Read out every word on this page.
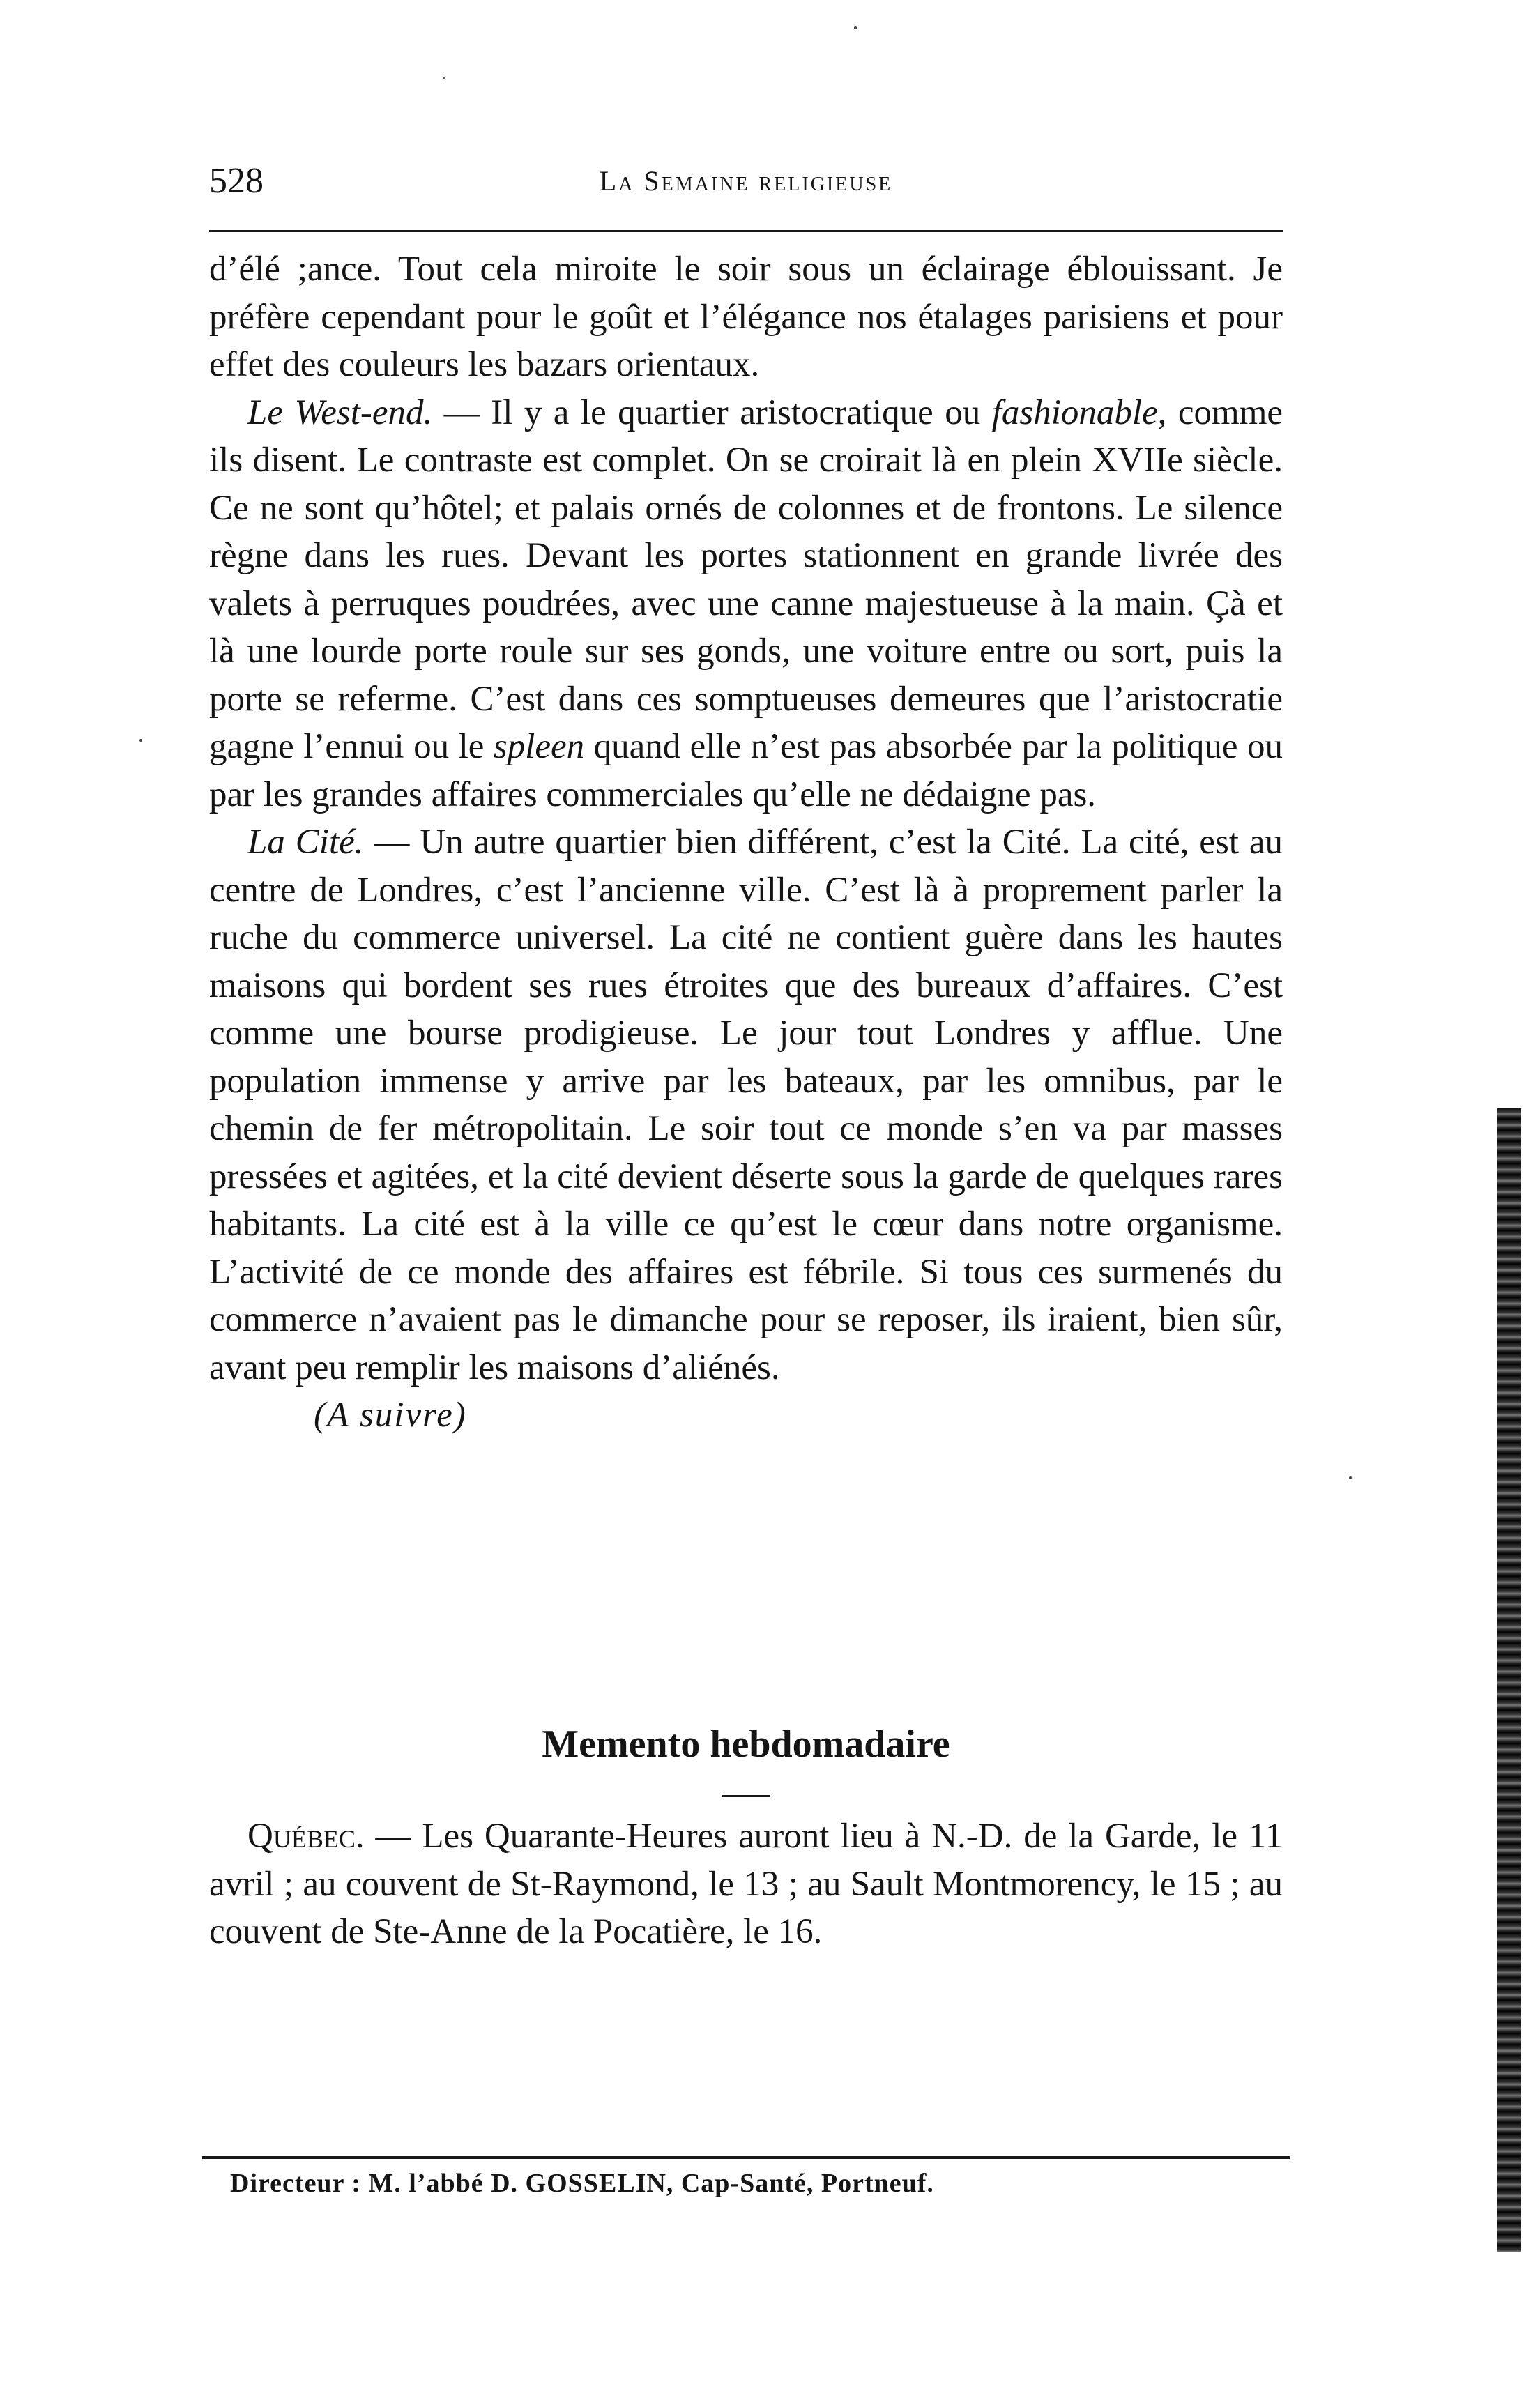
528	La Semaine religieuse

d’élé ;ance. Tout cela miroite le soir sous un éclairage éblouissant. Je préfère cependant pour le goût et l’élégance nos étalages parisiens et pour effet des couleurs les bazars orientaux.

Le West-end. — Il y a le quartier aristocratique ou fashionable, comme ils disent. Le contraste est complet. On se croirait là en plein XVIIe siècle. Ce ne sont qu’hôtel; et palais ornés de colonnes et de frontons. Le silence règne dans les rues. Devant les portes stationnent en grande livrée des valets à perruques poudrées, avec une canne majestueuse à la main. Çà et là une lourde porte roule sur ses gonds, une voiture entre ou sort, puis la porte se referme. C’est dans ces somptueuses demeures que l’aristocratie gagne l’ennui ou le spleen quand elle n’est pas absorbée par la politique ou par les grandes affaires commerciales qu’elle ne dédaigne pas.

La Cité. — Un autre quartier bien différent, c’est la Cité. La cité, est au centre de Londres, c’est l’ancienne ville. C’est là à proprement parler la ruche du commerce universel. La cité ne contient guère dans les hautes maisons qui bordent ses rues étroites que des bureaux d’affaires. C’est comme une bourse prodigieuse. Le jour tout Londres y afflue. Une population immense y arrive par les bateaux, par les omnibus, par le chemin de fer métropolitain. Le soir tout ce monde s’en va par masses pressées et agitées, et la cité devient déserte sous la garde de quelques rares habitants. La cité est à la ville ce qu’est le cœur dans notre organisme. L’activité de ce monde des affaires est fébrile. Si tous ces surmenés du commerce n’avaient pas le dimanche pour se reposer, ils iraient, bien sûr, avant peu remplir les maisons d’aliénés.

(A suivre)

Memento hebdomadaire

Québec. — Les Quarante-Heures auront lieu à N.-D. de la Garde, le 11 avril ; au couvent de St-Raymond, le 13 ; au Sault Montmorency, le 15 ; au couvent de Ste-Anne de la Pocatière, le 16.

Directeur : M. l’abbé D. GOSSELIN, Cap-Santé, Portneuf.
